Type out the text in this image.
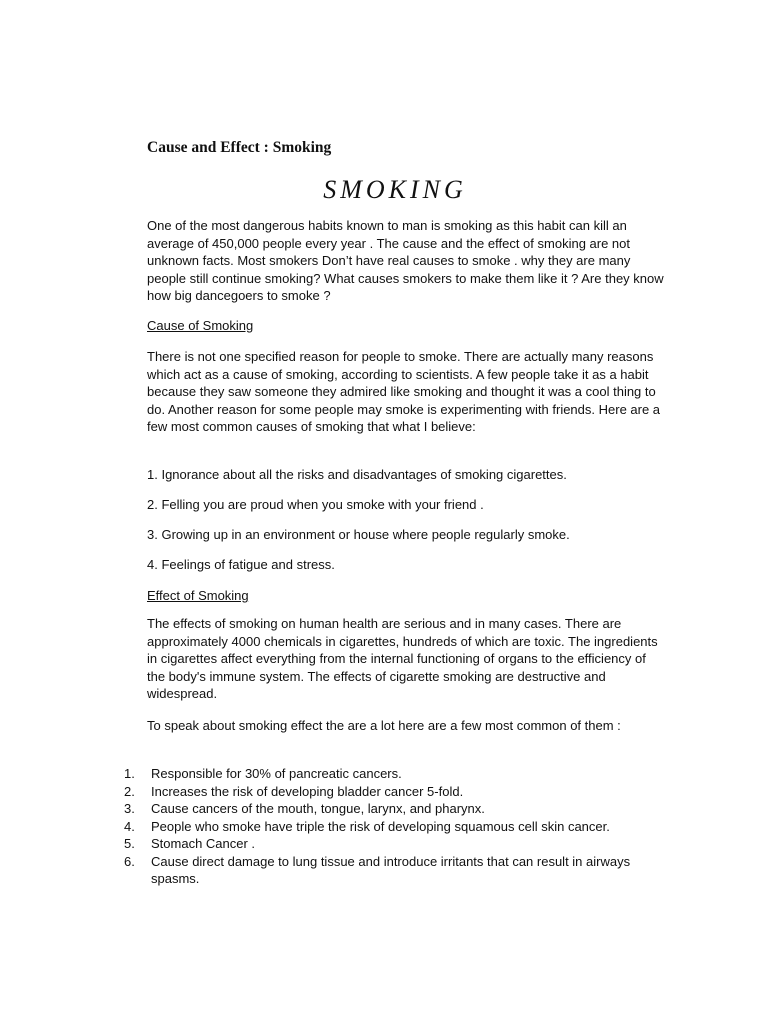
Cause and Effect : Smoking
SMOKING
One of the most dangerous habits known to man is smoking as this habit can kill an average of 450,000 people every year . The cause and the effect of smoking are not unknown facts. Most smokers Don’t have real causes to smoke . why they are many people still continue smoking? What causes smokers to make them like it ? Are they know how big dancegoers to smoke ?
Cause of Smoking
There is not one specified reason for people to smoke. There are actually many reasons which act as a cause of smoking, according to scientists. A few people take it as a habit because they saw someone they admired like smoking and thought it was a cool thing to do. Another reason for some people may smoke is experimenting with friends. Here are a few most common causes of smoking that what I believe:
1. Ignorance about all the risks and disadvantages of smoking cigarettes.
2. Felling you are proud when you smoke with your friend .
3. Growing up in an environment or house where people regularly smoke.
4. Feelings of fatigue and stress.
Effect of Smoking
The effects of smoking on human health are serious and in many cases. There are approximately 4000 chemicals in cigarettes, hundreds of which are toxic. The ingredients in cigarettes affect everything from the internal functioning of organs to the efficiency of the body's immune system. The effects of cigarette smoking are destructive and widespread.
To speak about smoking effect the are a lot here are a few most common of them :
1.	Responsible for 30% of pancreatic cancers.
2.	Increases the risk of developing bladder cancer 5-fold.
3.	Cause cancers of the mouth, tongue, larynx, and pharynx.
4.	People who smoke have triple the risk of developing squamous cell skin cancer.
5.	Stomach Cancer .
6.	Cause direct damage to lung tissue and introduce irritants that can result in airways spasms.
